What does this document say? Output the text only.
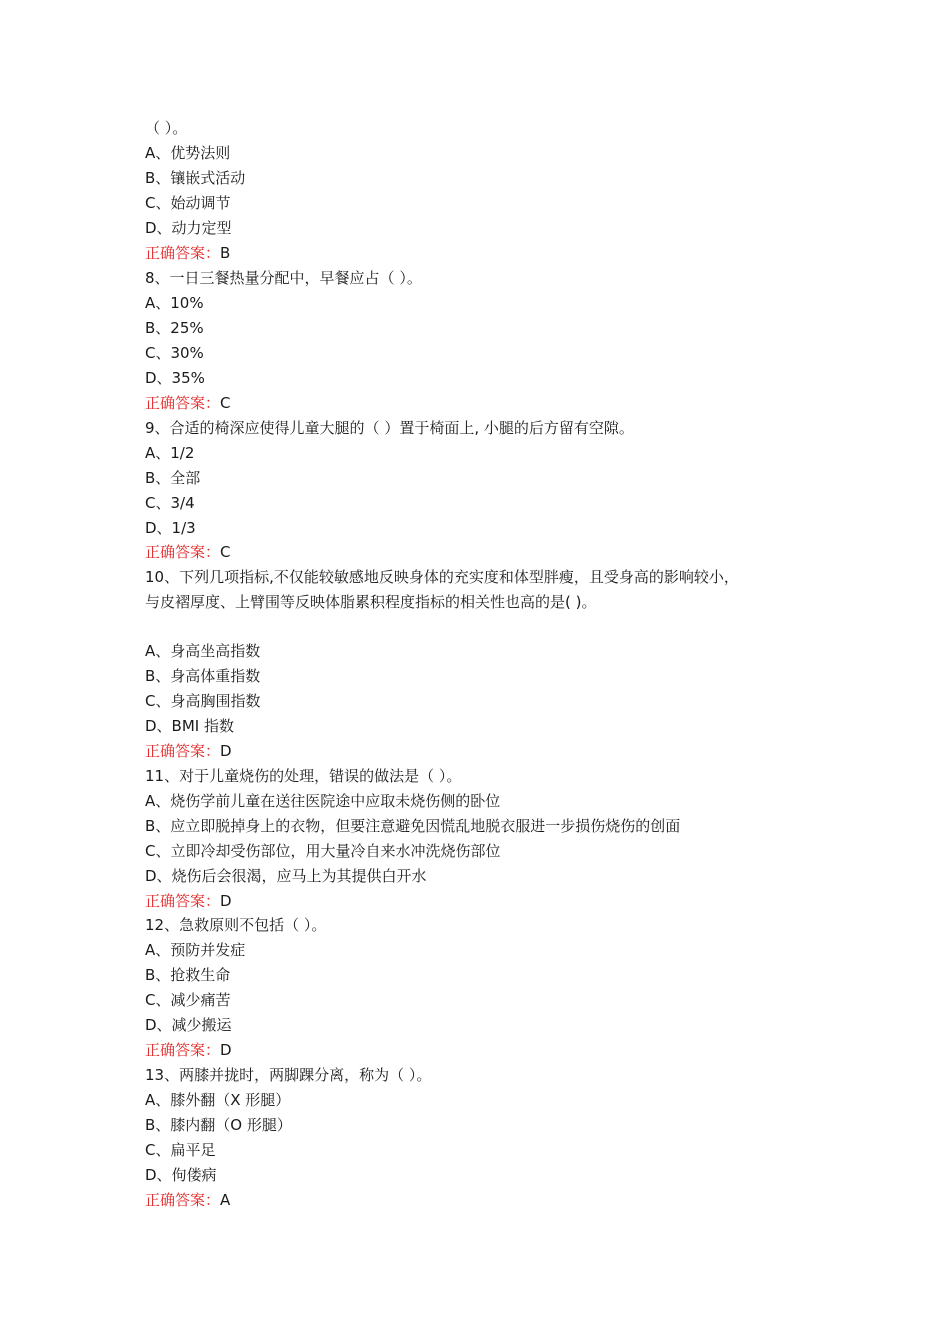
（ ）。
A、优势法则
B、镶嵌式活动
C、始动调节
D、动力定型
正确答案：B
8、一日三餐热量分配中，早餐应占（ ）。
A、10%
B、25%
C、30%
D、35%
正确答案：C
9、合适的椅深应使得儿童大腿的（ ）置于椅面上, 小腿的后方留有空隙。
A、1/2
B、全部
C、3/4
D、1/3
正确答案：C
10、下列几项指标,不仅能较敏感地反映身体的充实度和体型胖瘦，且受身高的影响较小，
与皮褶厚度、上臂围等反映体脂累积程度指标的相关性也高的是( )。
A、身高坐高指数
B、身高体重指数
C、身高胸围指数
D、BMI 指数
正确答案：D
11、对于儿童烧伤的处理，错误的做法是（ ）。
A、烧伤学前儿童在送往医院途中应取未烧伤侧的卧位
B、应立即脱掉身上的衣物，但要注意避免因慌乱地脱衣服进一步损伤烧伤的创面
C、立即冷却受伤部位，用大量冷自来水冲洗烧伤部位
D、烧伤后会很渴，应马上为其提供白开水
正确答案：D
12、急救原则不包括（ ）。
A、预防并发症
B、抢救生命
C、减少痛苦
D、减少搬运
正确答案：D
13、两膝并拢时，两脚踝分离，称为（ ）。
A、膝外翻（X 形腿）
B、膝内翻（O 形腿）
C、扁平足
D、佝偻病
正确答案：A
